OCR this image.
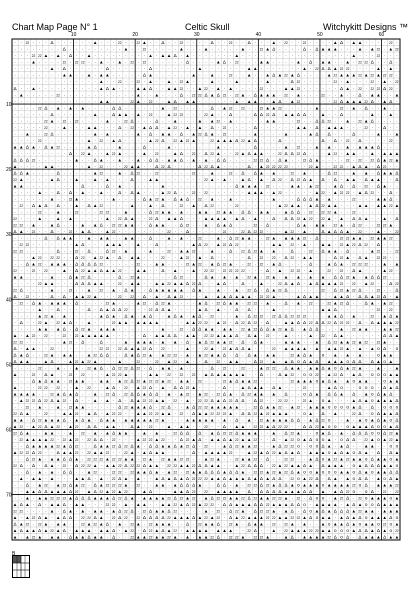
Chart Map Page N° 1	Celtic Skull	Witchykitt Designs ™
· · 22 · · · Δ · · · · · · ▲ · · · 22 · · 22 ▲ · · Δ · · 22 · · · · Δ · · 22 · · Δ · · · ▲ · 22 · · 22 · · · · ▲ Δ · ▲ ▲ · · · · 22 ·
· · · · · · · · Δ · · · · · · · · · ▲ · · 22 · · · · · ▲ · · · ▲ · · · · · ▲ · · 22 ▲ Δ · · · · Δ · Δ ▲ ▲ ▲ · · · ▲ · ▲ 22 · ▲ 22
· · · 22 22 ▲ · ▲ · Δ · · ▲ · · · · · · · · · ▲ · ▲ ▲ Δ · ▲ · · · · · · · ▲ · · · · · · · · · · · · · · · · · · ▲ · · · 22 · · ·
· · · ▲ · · · · 22 · 22 22 · · ▲ · · ▲ · 22 · 22 · · · · · · Δ · · · · ▲ Δ · 22 · · · ▲ ▲ · · · · ▲ · Δ · ▲ ▲ · · ▲ · 22 22 Δ · · Δ ·
· · · · · · ▲ · Δ · · · · · · Δ · · · · · · Δ · · · · · · · ▲ · · · · · · · ▲ ▲ · · · · · · · ▲ · 22 Δ Δ ▲ 22 22 · · · · ▲ · ▲ ·
· · · · · · · · ▲ ▲ · · ▲ · ▲ ▲ · · · · · Δ ▲ · · · · · · ▲ · · ▲ · · 22 · · ▲ · · ▲ Δ ▲ 22 ▲ Δ · · · · ▲ 22 ▲ ▲ ▲ 22 ▲ 22 ▲ 22 22 ·
· · · · · · · · · · · · · · ▲ · · 22 · · 22 · ▲ · · ▲ · 22 ▲ · · · ▲ · · · ▲ · · · · ▲ · · · Δ 22 · · · · · 22 · ▲ · · · 22 · ▲ · 22
Δ · · ▲ · · · · · · · · · · ▲ Δ ▲ · · · ▲ ▲ Δ · · ▲ ▲ 22 · · ▲ 22 · ▲ · ▲ · · · · 22 · · · ▲ ▲ 22 · · · · · · Δ ▲ · 22 · 22 22 Δ 22 ·
· ▲ · · · · · 22 · · · · · · · · · · · · ▲ · · ▲ · · · Δ · 22 22 Δ ▲ Δ 22 · 22 ▲ · Δ ▲ ▲ ▲ · 22 · ▲ · · · 22 · · ▲ · · Δ · ▲ ▲ · · ▲
· · · · · · · · · · · · · · ▲ ▲ · · · 22 ▲ · 22 · · ▲ Δ · ▲ ▲ · · · · · · ▲ · ▲ ▲ · · ▲ Δ · ▲ 22 · · · · · 22 Δ ▲ ▲ ▲ 22 Δ · ▲ Δ ·
· · · · 22 Δ · ▲ · ▲ · ▲ · · · · Δ Δ · · · · · · ▲ · 22 · · · · · Δ · ▲ 22 · 22 · · 22 ▲ ▲ 22 · · · · · ▲ · · · 22 · ▲ · Δ · · ▲ · ·
· · · · · · Δ · · · · · · ▲ · · Δ ▲ ▲ · ▲ · 22 · · ▲ 22 22 · · · 22 ▲ · · Δ · · · Δ Δ 22 Δ · ▲ ▲ Δ Δ · · ▲ · · Δ · · · · ▲ · · ▲ ·
· · · · · 22 ▲ · 22 · 22 · · · · ▲ · · 22 Δ · · · Δ · · ▲ · · · ▲ · ▲ 22 · ▲ · · · · · ▲ ▲ · · · 22 · · Δ Δ 22 · · ▲ · 22 ▲ Δ · · · ·
· · · · · 22 · · ▲ · · · ▲ ▲ · · · Δ · 22 · ▲ Δ Δ · ▲ 22 · ▲ · ▲ · Δ · 22 · · · · Δ · · · · · · ▲ ▲ · Δ · ▲ ▲ ▲ · · · 22 · · Δ · ·
· · ▲ · · 22 Δ · · · · · · ▲ · ▲ · · · · ▲ · Δ · ▲ ▲ · Δ · ▲ 22 Δ ▲ · 22 · · · · ▲ · · · · ▲ · · · ▲ Δ · Δ · · · Δ · · · ▲ · · ▲
· · · · 22 · · · · · · · ▲ · 22 · ▲ Δ · · · · ▲ 22 Δ · 22 ▲ 22 ▲ · · 22 ▲ ▲ ▲ Δ 22 ▲ Δ · · · Δ · · · · · · Δ · Δ · 22 · Δ · · · · 22 ·
▲ ▲ Δ ▲ · Δ ▲ 22 · · · · ▲ Δ · · · ▲ · · · Δ · · · ▲ · · · · · · · ▲ · · · · · Δ · · · · ▲ · 22 · · ▲ · ▲ · · ▲ · ▲ ▲ ▲ Δ · · ·
· · · · · · · · · Δ · 22 ▲ · · ▲ 22 ▲ · · · ▲ · 22 · · ▲ Δ · 22 · Δ 22 ▲ · · 22 ▲ Δ ▲ ▲ · · 22 Δ Δ 22 Δ · · · ▲ 22 · ▲ ▲ · · ▲ · ▲ ▲ ▲
Δ Δ Δ 22 · · · · · · ▲ · · Δ ▲ · · ▲ · · ▲ · Δ Δ · ▲ ▲ Δ · ▲ · ▲ · Δ Δ · · · · 22 22 Δ · Δ ▲ · · 22 Δ ▲ · · · · 22 · 22 · 22 Δ ▲ 22 ▲
▲ · · · · ▲ ▲ · · · · · ▲ · 22 · · · 22 ▲ ▲ · · Δ 22 Δ · · · · Δ 22 Δ ▲ · · · · Δ · ▲ 22 22 22 22 · · · 22 ▲ · · 22 22 · ▲ Δ ▲ · Δ 22 · ·
Δ Δ ▲ · · · · Δ · · · · · ▲ 22 · · ▲ · Δ 22 · · 22 · · · · · 22 · · ▲ · · 22 · Δ · Δ ▲ · ▲ · · 22 · ▲ · · · Δ 22 · · ▲ · ▲ · Δ ▲ ▲ Δ
22 ▲ · · · · ▲ Δ · · ▲ · · ▲ · ▲ · · · Δ · · ▲ ▲ · · · · · · · 22 ▲ · ▲ · · ▲ Δ · ▲ · Δ 22 · Δ 22 Δ ▲ · Δ · Δ · ▲ ▲ · Δ ▲ ▲ · · Δ
▲ ▲ · · · · · · · · · Δ · · · Δ · ▲ · · · · · · ▲ · · · · · · · · · · · Δ ▲ ▲ ▲ · 22 · · · ▲ ▲ · ▲ 22 · · ▲ Δ · Δ · 22 · Δ ▲ · ·
· · · · ▲ · · Δ · Δ · ▲ · · ▲ · · Δ · Δ ▲ · · · ▲ 22 Δ · · 22 · 22 · · · · · · ▲ ▲ ▲ · ▲ 22 · · · · · ▲ 22 · ▲ 22 22 · ▲ Δ 22 · · Δ ·
· · · · · · ▲ · · 22 ▲ · · · · · ▲ · · · · Δ ▲ 22 ▲ · Δ ▲ Δ · 22 · ▲ · · ▲ · · · · · · ▲ · · · Δ Δ Δ ▲ · ▲ · · · 22 · · · ▲ ▲ Δ ·
· 22 · Δ ▲ Δ · Δ · · ▲ · Δ ▲ 22 · · · · ▲ · · ▲ · Δ · · 22 · ▲ · Δ 22 · · · 22 · · · · · · ▲ 22 ▲ ▲ · ▲ Δ 22 ▲ ▲ · · · ▲ ▲ · ▲ ▲ 22 ▲
· · · · 22 · · ▲ · · 22 · · · 22 22 · · ▲ · · · Δ 22 ▲ ▲ · ▲ · · ▲ ▲ · 22 ▲ ▲ · Δ Δ · ▲ ▲ · · ▲ Δ Δ · 22 · 22 22 ▲ · · 22 · · · · · · ·
22 · · · ▲ · · ▲ · ▲ · · · · · ▲ · 22 Δ ▲ · · 22 Δ · ▲ ▲ Δ · · · ▲ ▲ ▲ ▲ · ▲ Δ · ▲ · · Δ · Δ Δ 22 ▲ 22 · 22 ▲ · ▲ · Δ Δ ▲ · · ▲ · Δ
22 22 · ▲ · · ▲ Δ · · · ▲ · ▲ Δ · 22 22 ▲ ▲ · · Δ ▲ ▲ · · Δ 22 · · ▲ · Δ ▲ Δ · · · 22 · Δ · · · · Δ ▲ · ▲ ▲ · 22 ▲ · Δ 22 · · 22 22 ▲ ·
Δ ▲ · 22 · · Δ · · 22 · ▲ Δ · · ▲ 22 · · · · · · · · 22 · · Δ · · · · · 22 · · 22 Δ 22 22 · · · ▲ 22 · ▲ · · Δ ▲ Δ Δ ▲ · 22 · · ▲ · · 22
· · · · · Δ · Δ ▲ ▲ · · ▲ · ▲ ▲ · · ▲ ▲ · · Δ · · ▲ · ▲ · · 22 · · ▲ · Δ 22 ▲ ▲ · · 22 ▲ · ▲ ▲ ▲ 22 · Δ · · · 22 22 ▲ ▲ · 22 ▲ ▲ 22 ·
· 22 22 · · · · · · · ▲ Δ · · · ▲ ▲ ▲ · · ▲ · · Δ · · · · · ▲ Δ 22 · ▲ 22 Δ 22 · · · · · ▲ ▲ · 22 · ▲ · · ▲ ▲ · 22 ▲ 22 Δ 22 · Δ · · ·
22 22 · · · · · Δ · · 22 · Δ · · Δ 22 · ▲ · · · ▲ · · 22 · ▲ ▲ 22 · · ▲ · · Δ · 22 Δ 22 ▲ · ▲ · · Δ · · 22 · Δ ▲ ▲ · Δ · · · ▲ 22 · · 22
· · · ▲ 22 · 22 22 · · Δ 22 · ▲ 22 ▲ · Δ · ▲ ▲ · · · 22 · · ▲ 22 · ▲ · Δ · · · · · Δ · 22 · 22 · Δ 22 · ▲ ▲ · · · Δ 22 ▲ · Δ ▲ · 22 22 · ·
· · Δ ▲ 22 · ▲ ▲ ▲ · Δ Δ Δ Δ 22 · · · · · 22 · · ▲ ▲ · · · 22 ▲ 22 · ▲ Δ 22 ▲ · · 22 · 22 · ▲ Δ · · · · Δ · · ▲ Δ ▲ · 22 22 22 · · ▲ · ▲
22 · · 22 · 22 · · ▲ · Δ 22 ▲ ▲ Δ ▲ ▲ 22 · · ▲ ▲ · · Δ · ▲ · · ▲ · 22 22 · 22 22 22 22 · · · Δ · ▲ · 22 22 · ▲ · · 22 · 22 · Δ ▲ · · · ▲ 22 ·
▲ ▲ · · · · ▲ · · Δ ▲ 22 Δ · · · · Δ · 22 ▲ · · · · · Δ 22 · · · Δ ▲ · ▲ · ▲ · 22 ▲ · 22 ▲ · ▲ · ▲ · ▲ · ▲ · Δ Δ 22 ▲ · ▲ Δ Δ 22 · ·
· · · · 22 ▲ ▲ · · · Δ Δ Δ ▲ ▲ · · 22 · ▲ ▲ · · ▲ ▲ 22 ▲ ▲ Δ 22 Δ · · ▲ Δ · · Δ · · ▲ · · 22 Δ ▲ Δ · ▲ Δ ▲ ▲ ▲ 22 · 22 · ▲ 22 · · Δ 22
22 Δ · · · · ▲ · · 22 · · ▲ · 22 · ▲ · Δ ▲ · · Δ ▲ ▲ ▲ ▲ ▲ · Δ ▲ · · ▲ · · ▲ · 22 Δ · Δ ▲ 22 Δ · · · · · 22 · Δ 22 ▲ 22 Δ · · 22 · · Δ
Δ · 22 · · · Δ · Δ · ▲ ▲ 22 ▲ · · · 22 · 22 · Δ · ▲ · Δ ▲ 22 · · · ▲ · ▲ ▲ Δ ▲ ▲ ▲ · 22 22 ▲ · · · ▲ Δ ▲ ▲ · · ▲ ▲ Δ · Δ Δ ▲ 22 Δ · ▲
· 22 · Δ ▲ · ▲ ▲ ▲ · Δ · · · · 22 ▲ · · · ▲ 22 · Δ 22 ▲ · · · · ▲ Δ · 22 Δ ▲ ▲ · 22 22 · ▲ · · Δ · ▲ · 22 · · 22 ▲ 22 Δ · · Δ ▲ · ▲ 22 ·
· · · · ▲ · · Δ · · · · Δ · Δ ▲ Δ Δ 22 · · · 22 Δ Δ ▲ · · · · ▲ Δ · ▲ · · Δ · Δ · · · ▲ · · · · · · · ▲ ▲ Δ · · · · · · 22 · 22 ·
· · · · ▲ 22 ▲ · ▲ · · · · · ▲ Δ ▲ · Δ ▲ · ▲ Δ · · ▲ Δ ▲ · ▲ Δ · 22 · · · ▲ · Δ 22 22 · 22 Δ Δ 22 22 22 · · · ▲ ▲ Δ · ▲ · · 22 · ▲ Δ ▲
· Δ · · 22 ▲ · 22 ▲ Δ · · ▲ · · · 22 ▲ ▲ · ▲ ▲ ▲ ▲ · · · · ▲ ▲ 22 22 · ▲ 22 · Δ 22 Δ 22 · Δ · · ▲ ▲ Δ Δ 22 Δ Δ 22 Δ 22 22 · Δ · Δ ▲ ▲ ▲ 22
· · · · ▲ ▲ · ▲ Δ · Δ 22 ▲ · ▲ ▲ ▲ · · · · · · · ▲ · · 22 · Δ Δ ▲ ▲ · ▲ ▲ · 22 ▲ 22 Δ Δ ▲ 22 ▲ Δ · ▲ Δ Δ · · · ▲ · 22 ▲ ▲ · · ▲ ▲ 22
▲ · ▲ 22 · 22 · · 22 · 22 ▲ ▲ ▲ ▲ ▲ · · · · · Δ · ▲ ▲ Δ Δ · ▲ ▲ · 22 22 ▲ ▲ ▲ Δ · Δ ▲ · 22 · · ▲ · · · ▲ · 22 · Δ ▲ · · · · · · Δ Δ ▲
22 22 · · · · · · ▲ 22 · Δ · · Δ · · · ▲ · ▲ ▲ ▲ · ▲ · ▲ · Δ · ▲ Δ 22 ▲ ▲ 22 · Δ · Δ ▲ · · · ▲ ▲ ▲ · · ▲ · Δ 22 ▲ ▲ 22 ▲ 22 · 22 ▲ · ·
Δ · ▲ ▲ · · 22 · · · · · · · 22 22 · 22 Δ ▲ ▲ 22 Δ · 22 · · · ▲ · · 22 ▲ · 22 ▲ Δ Δ ▲ · · · 22 · ▲ ▲ ▲ ▲ · ▲ · ▲ ▲ 22 ▲ · ▲ · ▲ o Δ · o
Δ ▲ Δ · · 22 ▲ · ▲ ▲ · · ▲ 22 Δ Δ · · Δ ▲ Δ 22 ▲ · ▲ 22 22 · ▲ · ▲ 22 ▲ ▲ Δ · Δ · Δ ▲ · ▲ ▲ · · 22 ▲ Δ ▲ · o · ▲ · ▲ · ▲ · · o ▲ ▲ ·
Δ ▲ ▲ · · ▲ Δ · · ▲ 22 ▲ 22 ▲ · · · ▲ · · 22 · · 22 · ▲ 22 · ▲ · · Δ · 22 · ▲ ▲ · · Δ 22 · ▲ · ▲ Δ o Δ ▲ Δ · ▲ ▲ ▲ o Δ Δ · Δ ▲ o ▲ ·
· · · · 22 · · ▲ · · ▲ · 22 ▲ Δ · Δ 22 22 Δ 22 · Δ · ▲ ▲ · ▲ · · · · Δ · 22 · · 22 · · ▲ 22 22 · Δ ▲ ▲ · ▲ ▲ Δ ▲ o Δ ▲ 22 ▲ · · ▲ · · ▲
▲ · · 22 · Δ ▲ · · 22 · 22 · · · ▲ 22 22 ▲ · · · ▲ ▲ · 22 · 22 · 22 · ▲ Δ ▲ ▲ ▲ ▲ ▲ · · Δ · · Δ ▲ 22 · o o 22 · ▲ 22 Δ · ▲ Δ · o o o ▲ ▲
· · · Δ ▲ Δ ▲ ▲ · 22 ▲ ▲ · · ▲ ▲ · ▲ 22 Δ 22 ▲ 22 22 ▲ 22 · ▲ ▲ · 22 · · · 22 ▲ Δ ▲ ▲ 22 · · · · · 22 ▲ ▲ ▲ o ▲ Δ ▲ · ▲ o ▲ ▲ · · o ▲ ▲
▲ · · · 22 22 · 22 · · ▲ · 22 · · ▲ Δ · 22 · ▲ 22 Δ · ▲ · Δ Δ 22 ▲ · · · · Δ · · ▲ Δ ▲ ▲ · Δ ▲ · · · 22 · · · ▲ Δ o · · o o o · Δ ▲ Δ
▲ ▲ ▲ ▲ · · 22 ▲ Δ ▲ Δ · · ▲ · 22 Δ · 22 Δ Δ ▲ Δ Δ · ▲ · ▲ 22 · ▲ 22 · 22 Δ ▲ · Δ 22 ▲ ▲ · ▲ · Δ · · o Δ ▲ · Δ Δ ▲ · Δ · ▲ o Δ ▲ Δ ·
· ▲ 22 22 Δ 22 Δ ▲ 22 · Δ · · ▲ · ▲ · Δ · Δ ▲ 22 22 ▲ ▲ · 22 · ▲ · 22 22 Δ ▲ Δ 22 Δ Δ · Δ 22 · · 22 22 · · 22 ▲ · o ▲ · · · ▲ Δ ▲ o ▲ ▲ ▲ Δ
· · 22 · ▲ · · ▲ · 22 ▲ ▲ · · · · · Δ 22 ▲ ▲ ▲ Δ · 22 Δ · · ▲ Δ 22 22 ▲ ▲ ▲ ▲ ▲ · · 22 Δ ▲ ▲ 22 · ▲ 22 · ▲ ▲ ▲ o o o o ▲ Δ · Δ · o o o
22 Δ ▲ · · 22 · · ▲ ▲ 22 · ▲ Δ · ▲ 22 22 · · ▲ ▲ 22 22 ▲ ▲ · 22 · Δ ▲ ▲ 22 22 22 ▲ · Δ Δ 22 ▲ 22 ▲ ▲ ▲ · · o ▲ · Δ · ▲ · · 22 Δ · o Δ ▲ ▲ Δ
▲ ▲ · Δ 22 ▲ ▲ ▲ Δ · ▲ Δ ▲ · Δ ▲ ▲ · ▲ ▲ ▲ ▲ ▲ 22 ▲ · · · ▲ ▲ ▲ ▲ ▲ · ▲ · Δ · ▲ · 22 ▲ ▲ ▲ ▲ Δ Δ · ▲ Δ 22 o · · ▲ · ▲ o ▲ Δ ▲ o Δ
▲ 22 · ▲ 22 Δ ▲ 22 · ▲ 22 · Δ Δ · ▲ ▲ · · Δ ▲ · 22 · · ▲ · ▲ ▲ · · 22 · · Δ · ▲ ▲ · 22 22 ▲ Δ 22 22 · · Δ Δ 22 ▲ o o · o ▲ ▲ ▲ Δ o o ▲ Δ
22 Δ ▲ · · ▲ ▲ · · ▲ · 22 · ▲ · ▲ Δ ▲ ▲ · · ▲ · ▲ · · 22 Δ Δ · Δ · ▲ Δ 22 22 Δ ▲ ▲ ▲ · · ▲ · Δ 22 ▲ · · o ▲ Δ · ▲ · Δ Δ Δ o o Δ 22 ▲
· 22 ▲ ▲ ▲ ▲ 22 · 22 ▲ 22 · 22 Δ Δ · 22 · · · ▲ 22 22 ▲ 22 · · Δ 22 ▲ Δ · ▲ ▲ Δ ▲ 22 ▲ ▲ 22 · · Δ · ▲ 22 o ▲ Δ o o ▲ · o Δ Δ · 22 ▲ o ▲ 22 ▲
· · Δ ▲ ▲ ▲ ▲ 22 ▲ Δ 22 · · Δ ▲ ▲ 22 Δ 22 Δ ▲ · Δ Δ ▲ ▲ Δ ▲ 22 Δ · 22 · · ▲ Δ 22 ▲ ▲ 22 · · ▲ Δ 22 22 o · o o Δ ▲ · ▲ Δ · · ▲ ▲ · · o o
▲ 22 22 Δ 22 · · Δ ▲ ▲ 22 · 22 ▲ ▲ 22 · · 22 ▲ · ▲ Δ ▲ ▲ · · · · Δ · ▲ ▲ ▲ ▲ 22 · · ▲ 22 ▲ Δ 22 ▲ Δ ▲ Δ · ▲ ▲ ▲ o ▲ Δ ▲ o Δ ▲ · Δ · Δ ▲
· · Δ 22 ▲ · ▲ ▲ Δ Δ ▲ · 22 22 22 ▲ 22 22 ▲ ▲ · 22 ▲ · 22 ▲ ▲ 22 22 · · ▲ 22 ▲ · · 22 ▲ ▲ 22 · Δ · · 22 22 · · ▲ Δ o ▲ 22 ▲ 22 ▲ ▲ o Δ ▲ ▲ o ▲
22 Δ · Δ · Δ ▲ · 22 · Δ 22 22 ▲ · ▲ ▲ 22 Δ 22 22 Δ ▲ ▲ · 22 22 ▲ ▲ 22 Δ Δ ▲ ▲ · · ▲ 22 Δ Δ Δ · 22 ▲ 22 ▲ ▲ Δ ▲ · Δ ▲ ▲ ▲ · o ▲ Δ Δ Δ ▲ ▲ o
· · Δ · ▲ · ▲ · Δ Δ · · ▲ 22 · · 22 22 · 22 ▲ ▲ Δ ▲ · ▲ 22 · 22 ▲ ▲ Δ Δ Δ ▲ Δ Δ ▲ · 22 22 ▲ 22 ▲ 22 Δ ▲ o o ▲ o o o ▲ ▲ o Δ ▲ o ▲ ▲ Δ Δ
· ▲ · ▲ ▲ · ▲ · · · ▲ ▲ Δ · ▲ · 22 Δ ▲ · ▲ · · ▲ Δ ▲ Δ ▲ Δ 22 22 22 ▲ ▲ Δ ▲ ▲ ▲ Δ ▲ Δ ▲ Δ Δ · 22 o ▲ 22 Δ · Δ ▲ · ▲ o Δ Δ · ▲ o Δ ▲
· · Δ · ▲ 22 · ▲ 22 Δ ▲ 22 · Δ ▲ 22 22 22 ▲ · 22 · · ▲ ▲ · ▲ Δ Δ Δ ▲ · · Δ Δ · ▲ · 22 22 Δ 22 ▲ Δ Δ ▲ o ▲ ▲ ▲ o ▲ ▲ ▲ ▲ 22 o Δ · ▲ ▲ ▲ 22
· · ▲ ▲ Δ Δ ▲ ▲ ▲ Δ 22 · ▲ Δ 22 ▲ 22 ▲ 22 · · ▲ Δ · · · ▲ ▲ Δ 22 · 22 · ▲ ▲ ▲ ▲ · Δ · Δ Δ Δ Δ ▲ ▲ ▲ Δ Δ · ▲ · ▲ Δ 22 o · o Δ · 22 · 22
· · ▲ · ▲ ▲ 22 22 22 ▲ Δ Δ Δ ▲ ▲ ▲ Δ 22 Δ ▲ · ▲ ▲ ▲ ▲ 22 Δ 22 ▲ 22 · ▲ Δ 22 22 ▲ ▲ 22 Δ 22 ▲ ▲ 22 22 ▲ · 22 · Δ o o · ▲ 22 Δ · 22 o ▲ ▲ ▲ o ▲
▲ Δ ▲ · Δ · ▲ ▲ Δ · ▲ ▲ · · · 22 22 · ▲ · ▲ ▲ · · ▲ ▲ 22 ▲ Δ 22 ▲ 22 22 · Δ Δ ▲ ▲ ▲ Δ Δ 22 ▲ ▲ ▲ Δ Δ o · ▲ ▲ ▲ ▲ · ▲ Δ ▲ o o Δ ▲ ▲ ▲
22 22 · · · · ▲ · Δ ▲ · ▲ · ▲ ▲ · ▲ Δ 22 Δ · 22 Δ ▲ ▲ Δ 22 · · · · ▲ · 22 · Δ 22 ▲ · Δ 22 22 ▲ · ▲ Δ · Δ o ▲ Δ ▲ Δ Δ Δ ▲ 22 ▲ ▲ · ▲ ▲ ▲
▲ · ▲ 22 Δ ▲ · ▲ Δ Δ · 22 22 Δ ▲ · 22 Δ 22 · 22 Δ Δ Δ Δ 22 ▲ ▲ ▲ Δ ▲ 22 ▲ 22 · Δ ▲ 22 ▲ ▲ ▲ 22 22 ▲ ▲ 22 22 ▲ Δ o ▲ ▲ · ▲ Δ ▲ Δ o ▲ ▲ ▲ Δ o
Δ ▲ 22 · 22 ▲ · ▲ ▲ · · 22 ▲ 22 ▲ Δ · ▲ · 22 ▲ · 22 ▲ ▲ ▲ · · Δ · 22 ▲ ▲ Δ · 22 ▲ · Δ ▲ ▲ · 22 · 22 ▲ · ▲ · · ▲ o ▲ ▲ Δ ▲ o ▲ ▲ o 22 o ▲
▲ Δ ▲ ▲ Δ ▲ 22 ▲ Δ · ▲ ▲ ▲ · ▲ ▲ Δ · ▲ 22 · Δ 22 ▲ Δ ▲ 22 · ▲ ▲ ▲ ▲ · ▲ ▲ ▲ · · 22 Δ · · ▲ · 22 ▲ ▲ ▲ 22 22 ▲ ▲ o o o ▲ Δ Δ ▲ Δ ▲ o 22
▲ · ▲ 22 ▲ · ▲ ▲ · Δ ▲ ▲ Δ ▲ ▲ · Δ · · 22 ▲ ▲ 22 ▲ ▲ 22 ▲ · ▲ · ▲ ▲ 22 Δ · 22 22 ▲ · 22 22 ▲ · · ▲ Δ · ▲ ▲ ▲ ▲ 22 Δ o Δ · Δ ▲ ▲ ▲ Δ ▲ ▲
10	20	30	40	50	60
10
20
30
40
50
60
70
B
